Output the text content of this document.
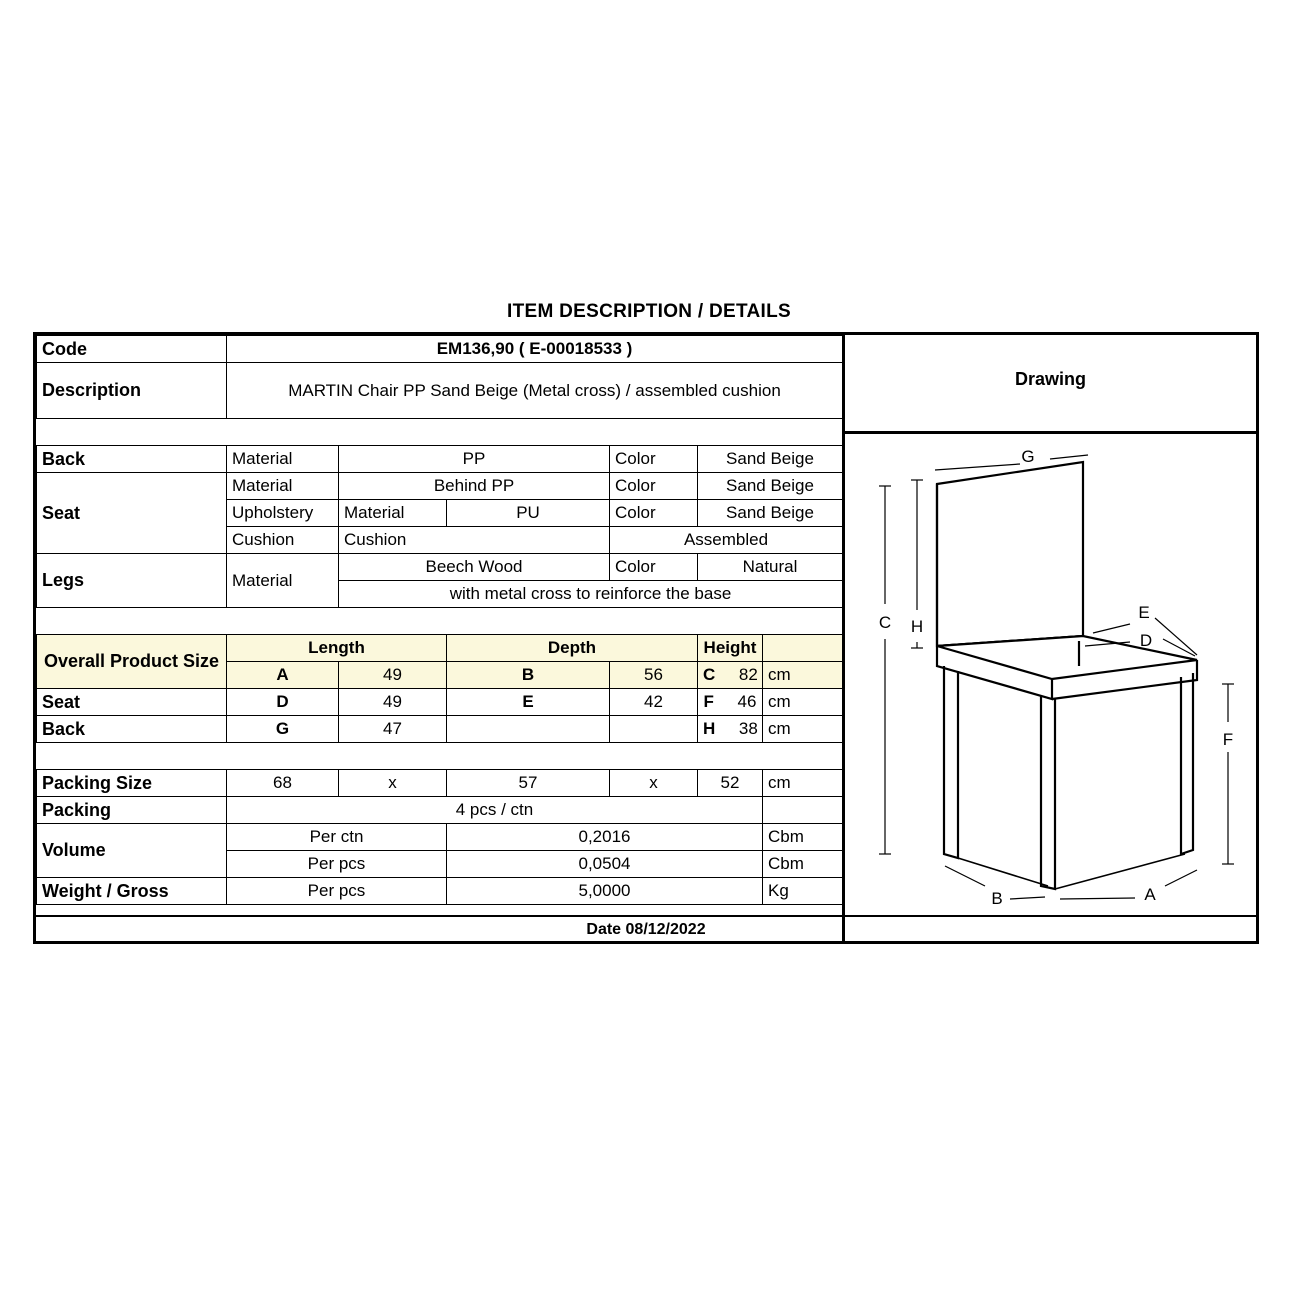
ITEM DESCRIPTION / DETAILS
Code	EM136,90 ( E-00018533 )					
Description	MARTIN Chair PP Sand Beige (Metal cross) / assembled cushion					

Back	Material	PP		Color	Sand Beige	
Seat	Material	Behind PP		Color	Sand Beige	
	Upholstery	Material	PU	Color	Sand Beige	
	Cushion	Cushion		Assembled		
Legs	Material	Beech Wood		Color	Natural	
		with metal cross to reinforce the base				

Overall Product Size	Length		Depth		Height	
	A	49	B	56	C 82	cm
Seat	D	49	E	42	F 46	cm
Back	G	47			H 38	cm

Packing Size	68	x	57	x	52	cm
Packing	4 pcs / ctn					
Volume	Per ctn		0,2016			Cbm
	Per pcs		0,0504			Cbm
Weight / Gross	Per pcs		5,0000			Kg
Drawing
G
H
C
E
D
F
B	A
Date 08/12/2022
